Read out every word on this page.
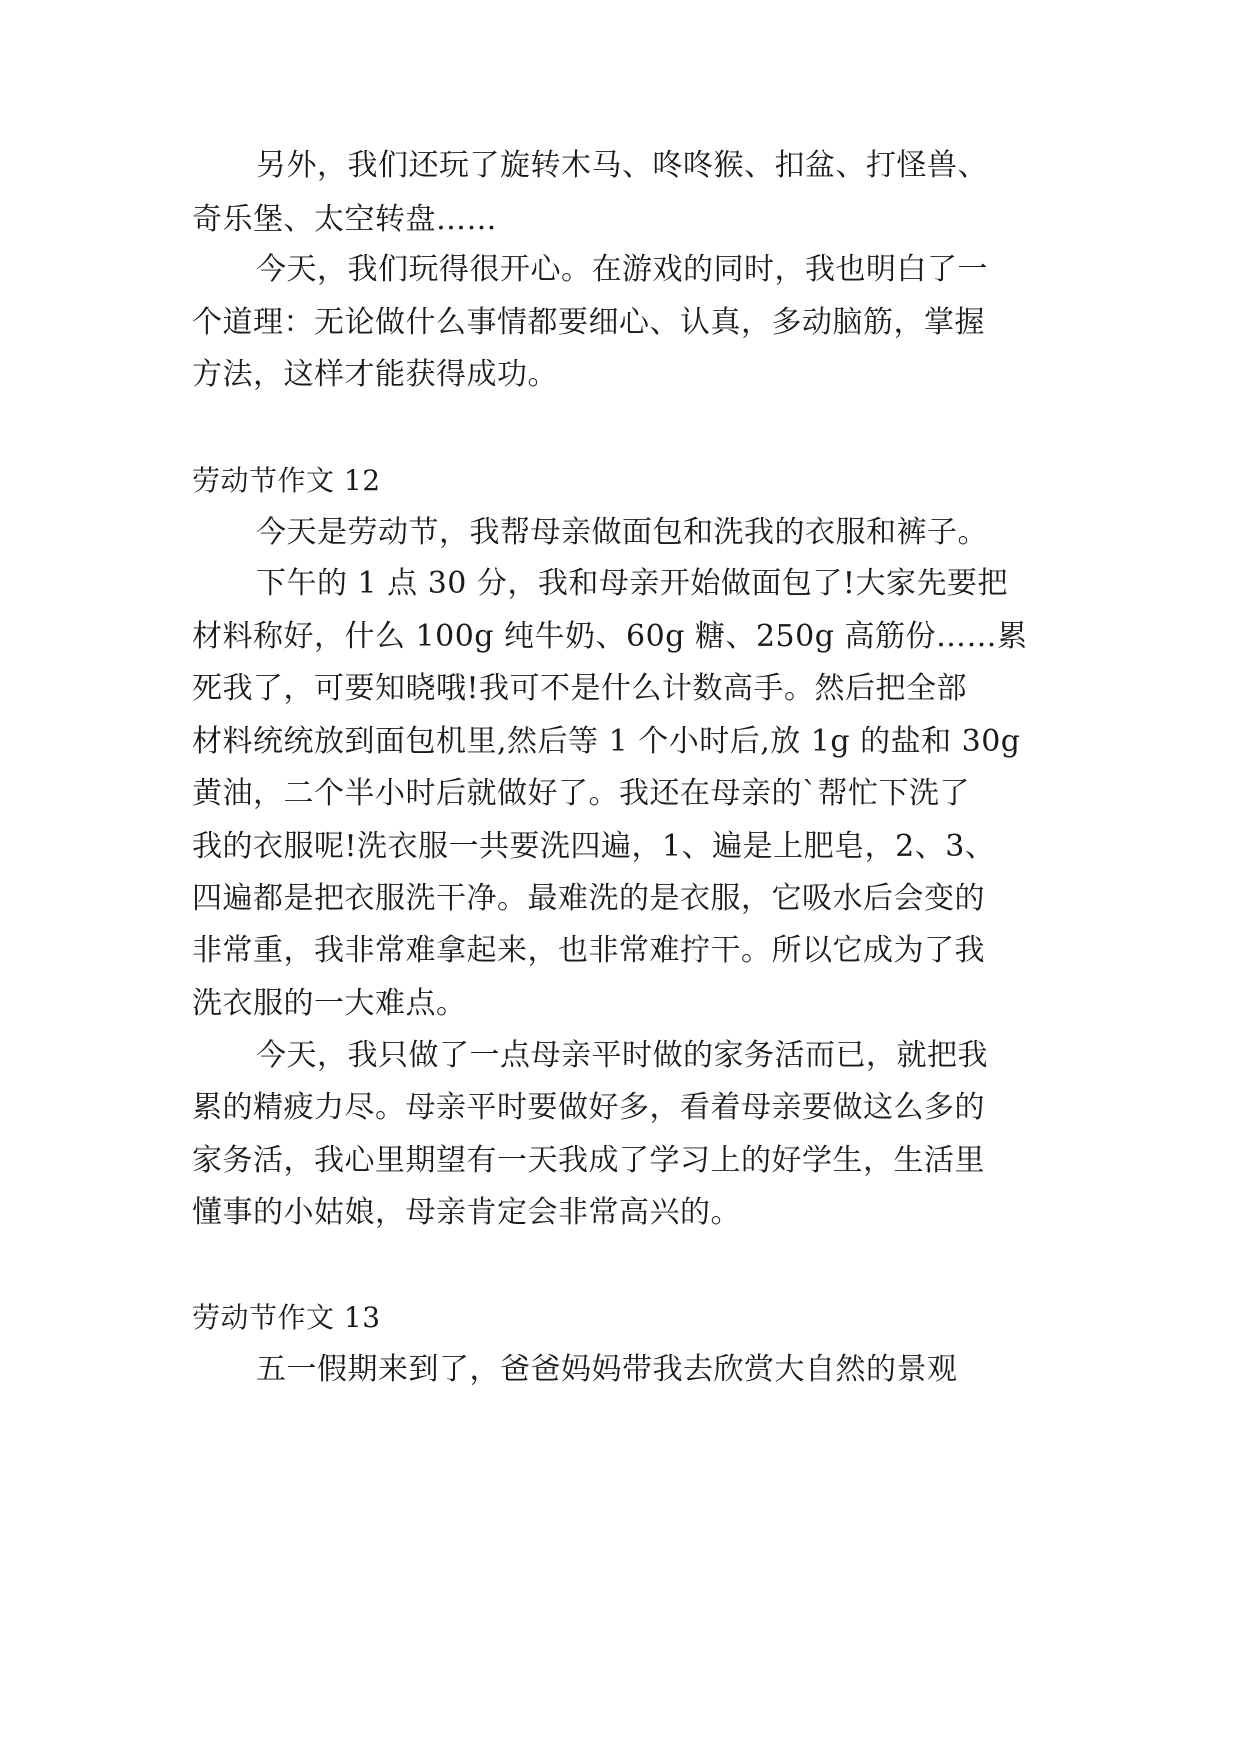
另外，我们还玩了旋转木马、咚咚猴、扣盆、打怪兽、

奇乐堡、太空转盘……

今天，我们玩得很开心。在游戏的同时，我也明白了一

个道理：无论做什么事情都要细心、认真，多动脑筋，掌握

方法，这样才能获得成功。

劳动节作文 12

今天是劳动节，我帮母亲做面包和洗我的衣服和裤子。

下午的 1 点 30 分，我和母亲开始做面包了!大家先要把

材料称好，什么 100g 纯牛奶、60g 糖、250g 高筋份……累

死我了，可要知晓哦!我可不是什么计数高手。然后把全部

材料统统放到面包机里,然后等 1 个小时后,放 1g 的盐和 30g

黄油，二个半小时后就做好了。我还在母亲的`帮忙下洗了

我的衣服呢!洗衣服一共要洗四遍，1、遍是上肥皂，2、3、

四遍都是把衣服洗干净。最难洗的是衣服，它吸水后会变的

非常重，我非常难拿起来，也非常难拧干。所以它成为了我

洗衣服的一大难点。

今天，我只做了一点母亲平时做的家务活而已，就把我

累的精疲力尽。母亲平时要做好多，看着母亲要做这么多的

家务活，我心里期望有一天我成了学习上的好学生，生活里

懂事的小姑娘，母亲肯定会非常高兴的。

劳动节作文 13

五一假期来到了，爸爸妈妈带我去欣赏大自然的景观
